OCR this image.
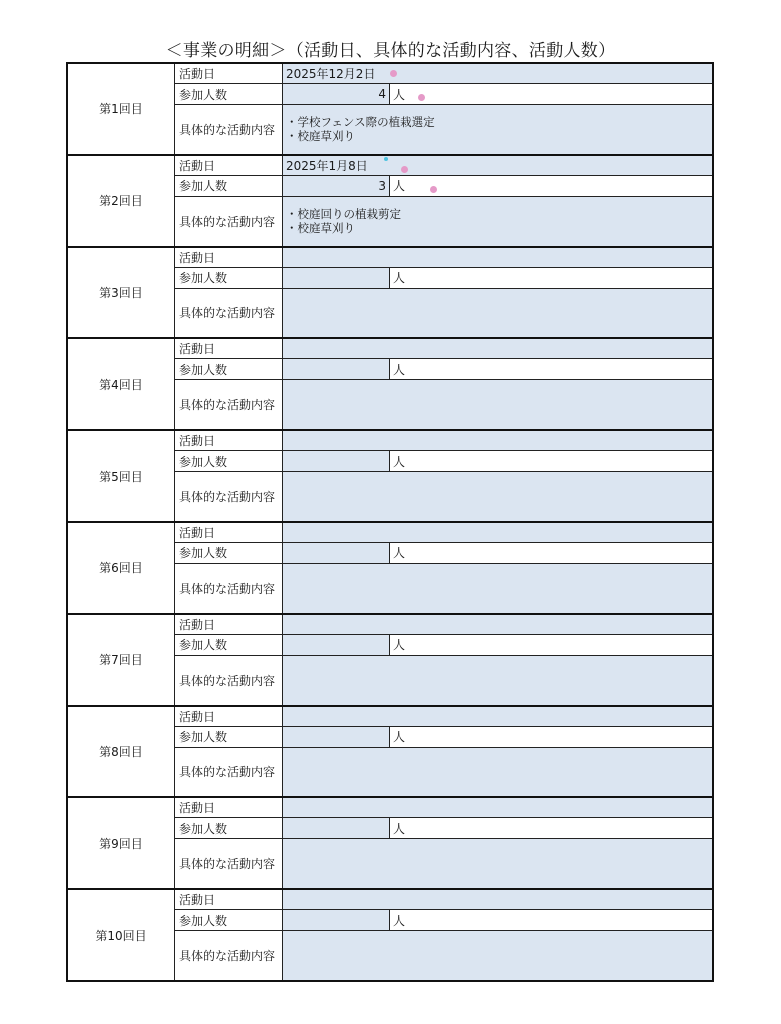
＜事業の明細＞（活動日、具体的な活動内容、活動人数）
第1回目
活動日	2025年12月2日
参加人数	4 人
具体的な活動内容
・学校フェンス際の植栽選定
・校庭草刈り
第2回目
活動日	2025年1月8日
参加人数	3 人
具体的な活動内容
・校庭回りの植栽剪定
・校庭草刈り
第3回目
活動日
参加人数	人
具体的な活動内容
第4回目
活動日
参加人数	人
具体的な活動内容
第5回目
活動日
参加人数	人
具体的な活動内容
第6回目
活動日
参加人数	人
具体的な活動内容
第7回目
活動日
参加人数	人
具体的な活動内容
第8回目
活動日
参加人数	人
具体的な活動内容
第9回目
活動日
参加人数	人
具体的な活動内容
第10回目
活動日
参加人数	人
具体的な活動内容
